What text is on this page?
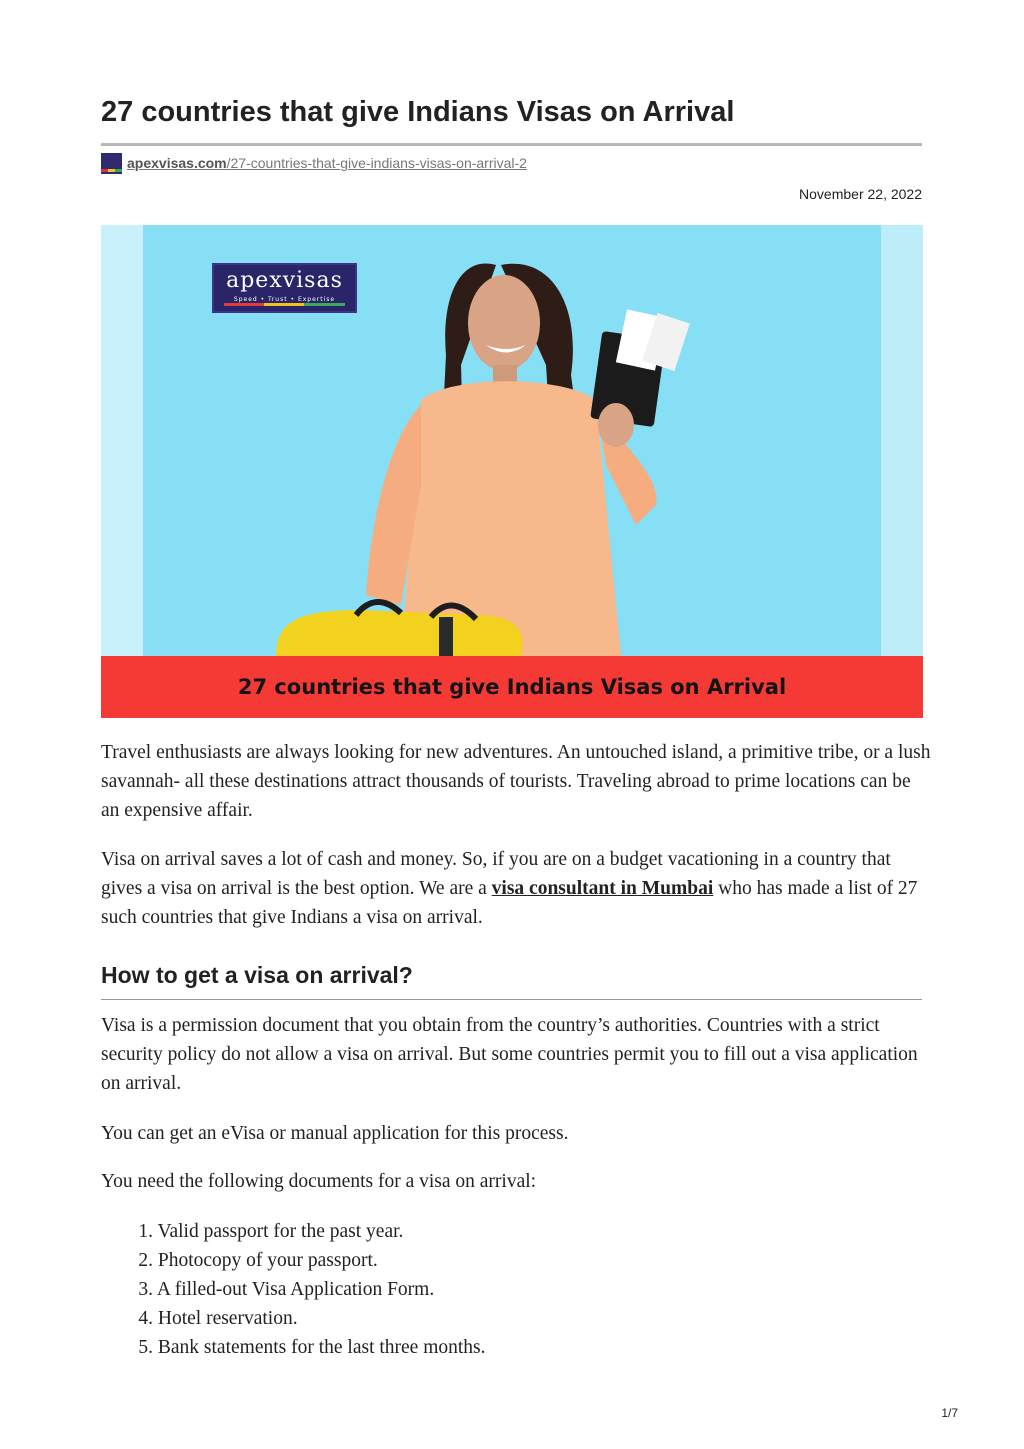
27 countries that give Indians Visas on Arrival
apexvisas.com/27-countries-that-give-indians-visas-on-arrival-2
November 22, 2022
apexvisas
Speed • Trust • Expertise
27 countries that give Indians Visas on Arrival

Travel enthusiasts are always looking for new adventures. An untouched island, a primitive tribe, or a lush savannah- all these destinations attract thousands of tourists. Traveling abroad to prime locations can be an expensive affair.

Visa on arrival saves a lot of cash and money. So, if you are on a budget vacationing in a country that gives a visa on arrival is the best option. We are a visa consultant in Mumbai who has made a list of 27 such countries that give Indians a visa on arrival.

How to get a visa on arrival?

Visa is a permission document that you obtain from the country’s authorities. Countries with a strict security policy do not allow a visa on arrival. But some countries permit you to fill out a visa application on arrival.

You can get an eVisa or manual application for this process.

You need the following documents for a visa on arrival:

1. Valid passport for the past year.
2. Photocopy of your passport.
3. A filled-out Visa Application Form.
4. Hotel reservation.
5. Bank statements for the last three months.
1/7
